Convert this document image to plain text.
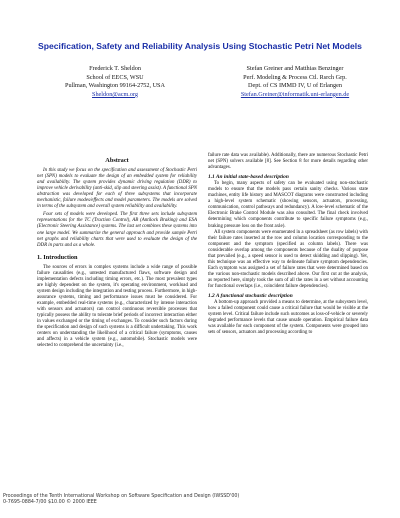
Specification, Safety and Reliability Analysis Using Stochastic Petri Net Models
Frederick T. Sheldon
School of EECS, WSU
Pullman, Washington 99164-2752, USA
Sheldon@acm.org
Stefan Greiner and Matthias Benzinger
Perf. Modeling & Process Ctl. Rsrch Grp.
Dept. of CS IMMD IV, U of Erlangen
Stefan.Greiner@informatik.uni-erlangen.de
Abstract

In this study we focus on the specification and assessment of Stochastic Petri net (SPN) models to evaluate the design of an embedded system for reliability and availability. The system provides dynamic driving regulation (DDR) to improve vehicle derivability (anti-skid, slip and steering assist). A functional SPN abstraction was developed for each of three subsystems that incorporate mechanistic, failure modes/effects and model parameters. The models are solved in terms of the subsystem and overall system reliability and availability.

Four sets of models were developed. The first three sets include subsystem representations for the TC (Traction Control), AB (Antilock Braking) and ESA (Electronic Steering Assistance) systems. The last set combines these systems into one large model. We summarize the general approach and provide sample Petri net graphs and reliability charts that were used to evaluate the design of the DDR in parts and as a whole.

1. Introduction

The sources of errors in complex systems include a wide range of possible failure causalities (e.g., untested manufactured flaws, software design and implementation defects including timing errors, etc.). The most prevalent types are highly dependent on the system, it's operating environment, workload and system design including the integration and testing process. Furthermore, in high-assurance systems, timing and performance issues must be considered. For example, embedded real-time systems (e.g., characterized by intense interaction with sensors and actuators) can control continuous reversible processes that typically possess the ability to tolerate brief periods of incorrect interaction either in values exchanged or the timing of exchanges. To consider such factors during the specification and design of such systems is a difficult undertaking. This work centers on understanding the likelihood of a critical failure (symptoms, causes and affects) in a vehicle system (e.g., automobile). Stochastic models were selected to comprehend the uncertainty (i.e.,

failure rate data was available). Additionally, there are numerous Stochastic Petri net (SPN) solvers available [8]. See Section 8 for more details regarding other advantages.

1.1 An initial state-based description

To begin, many aspects of safety can be evaluated using non-stochastic models to ensure that the models pass certain sanity checks. Various state machines, entity life history and MASCOT diagrams were constructed including a high-level system schematic (showing sensors, actuators, processing, communication, control pathways and redundancy). A low-level schematic of the Electronic Brake Control Module was also consulted. The final check involved determining which components contribute to specific failure symptoms (e.g., braking pressure loss on the front axle).

All system components were enumerated in a spreadsheet (as row labels) with their failure rates inserted at the row and column location corresponding to the component and the symptom (specified as column labels). There was considerable overlap among the components because of the duality of purpose that prevailed (e.g., a speed sensor is used to detect skidding and slipping). Yet, this technique was an effective way to delineate failure symptom dependencies. Each symptom was assigned a set of failure rates that were determined based on the various non-stochastic models described above. Our first cut at the analysis, as reported here, simply took the sum of all the rates in a set without accounting for functional overlaps (i.e., coincident failure dependencies).

1.2 A functional stochastic description

A bottom-up approach provided a means to determine, at the subsystem level, how a failed component could cause a critical failure that would be visible at the system level. Critical failure include such outcomes as loss-of-vehicle or severely degraded performance levels that cause unsafe operation. Empirical failure data was available for each component of the system. Components were grouped into sets of sensors, actuators and processing according to

Proceedings of the Tenth International Workshop on Software Specification and Design (IWSSD'00)
0-7695-0884-7/00 $10.00 © 2000 IEEE
